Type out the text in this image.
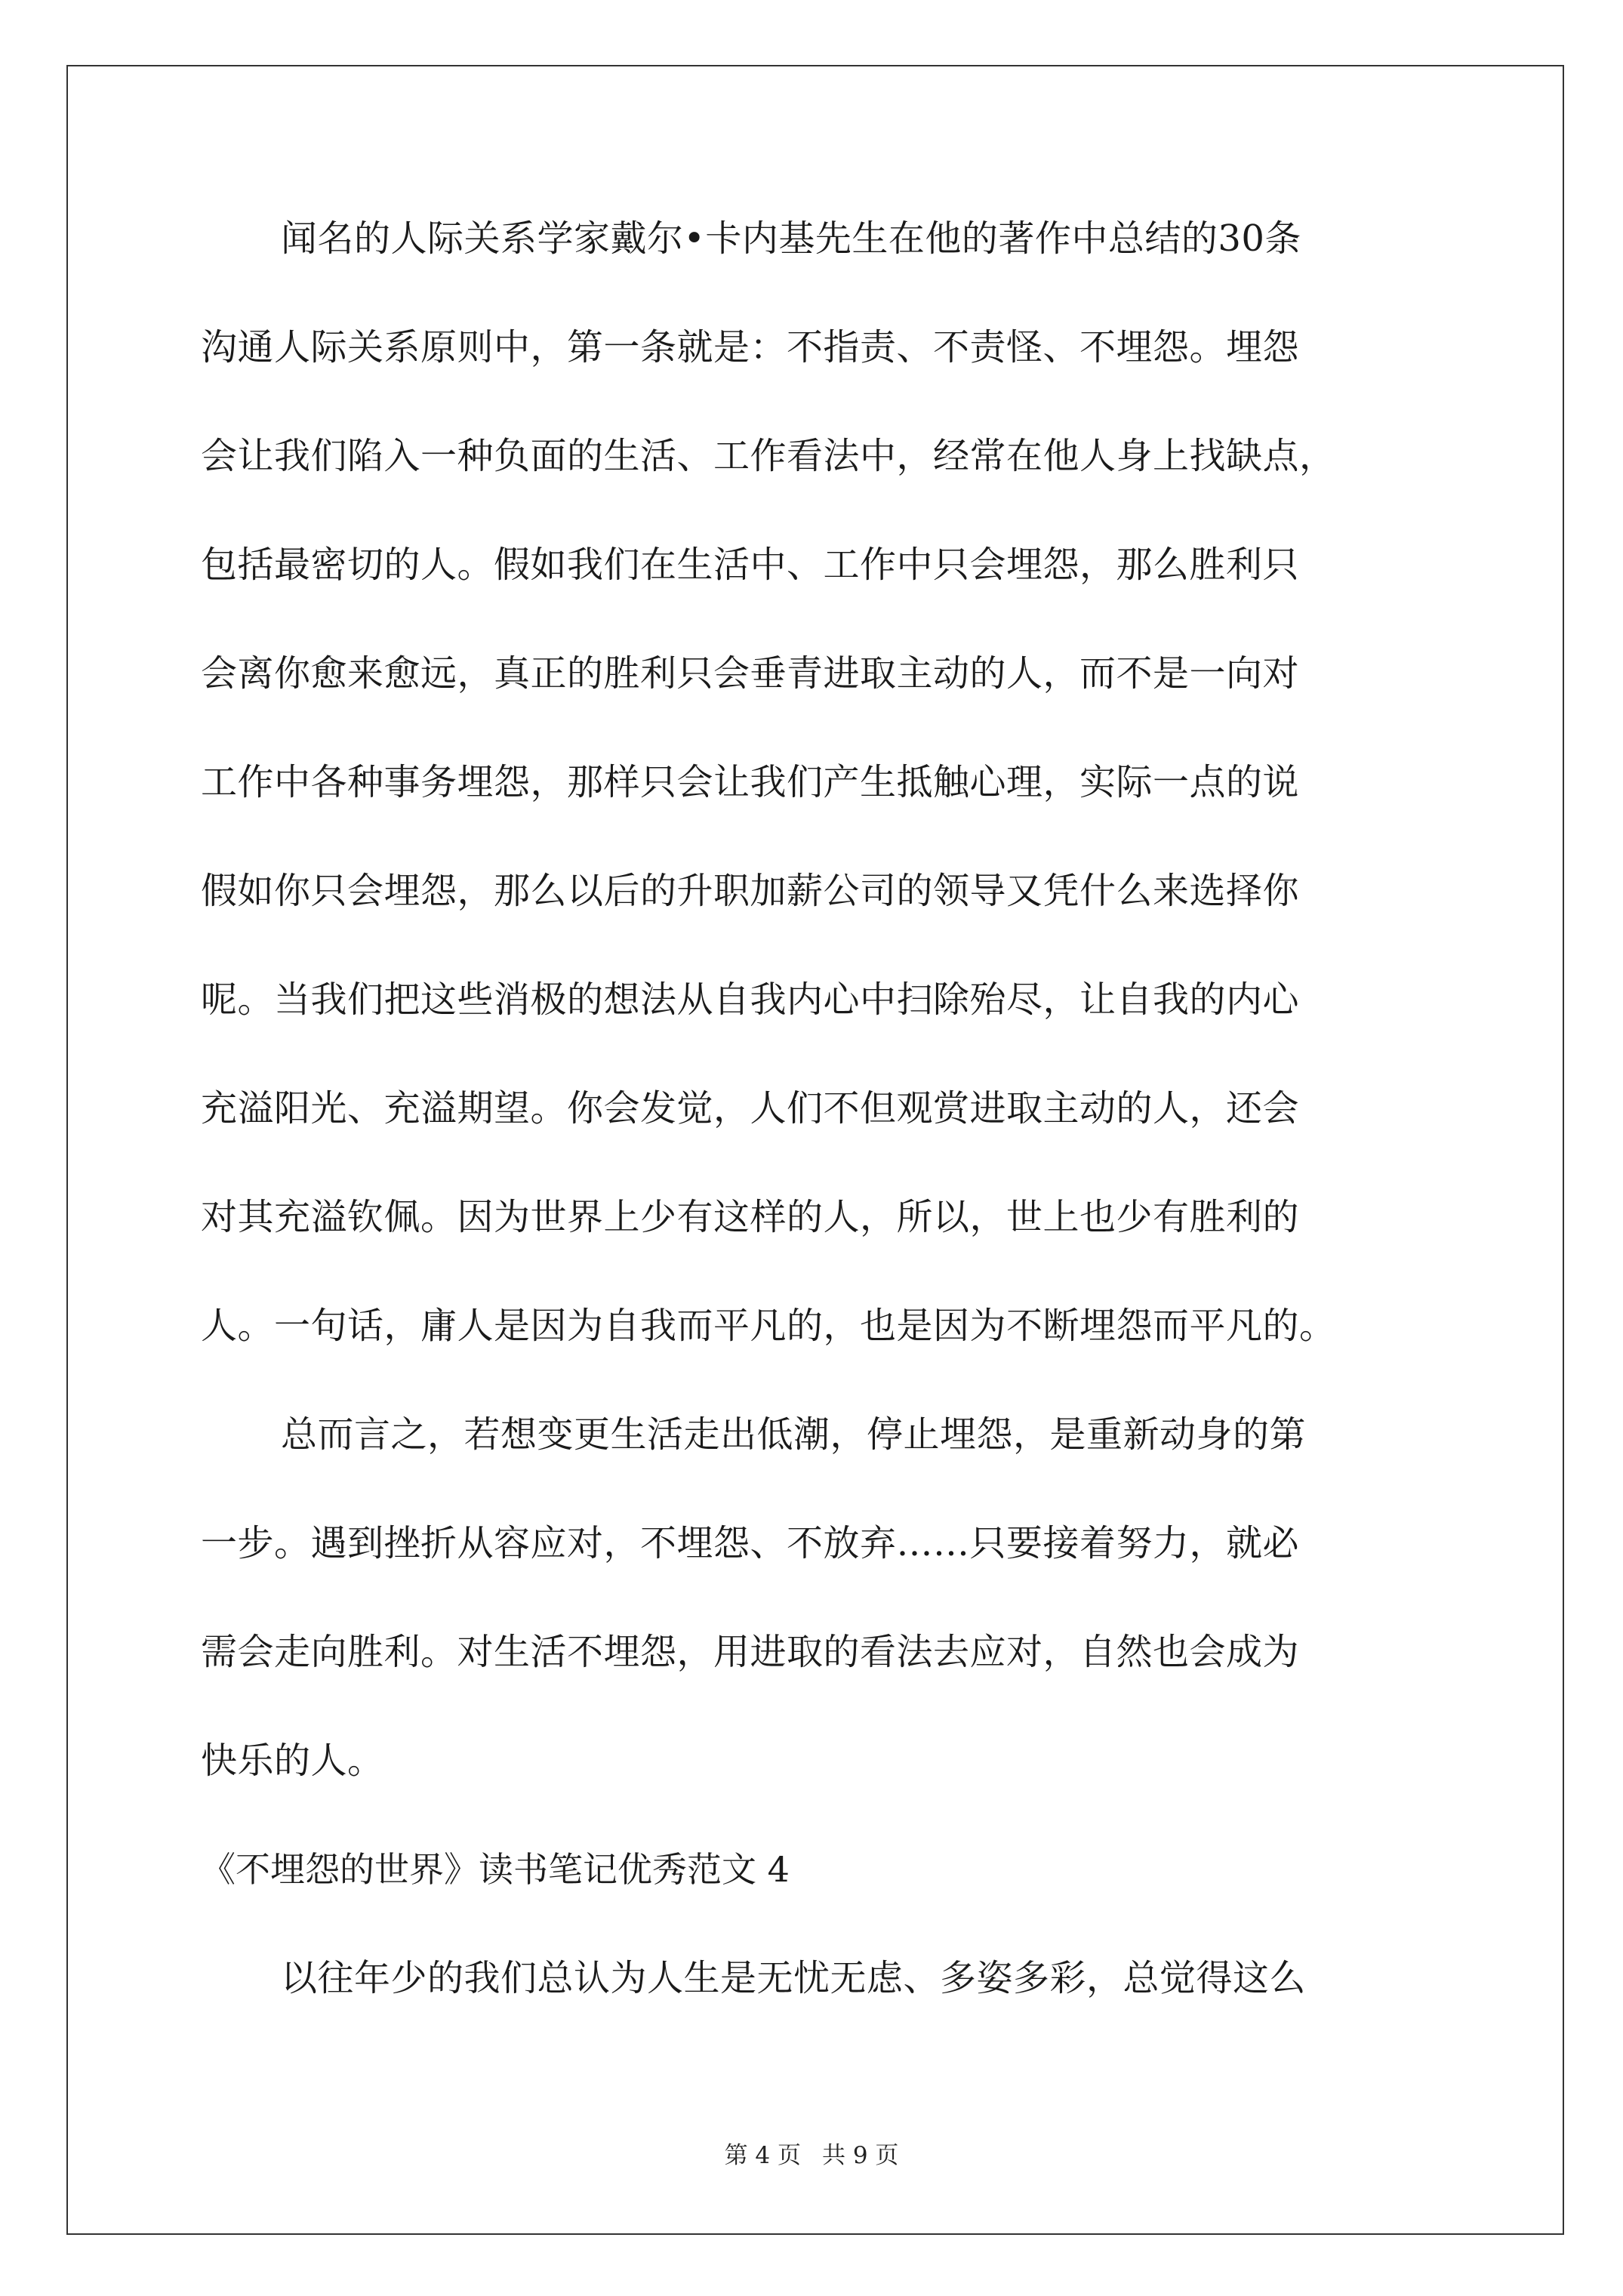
闻名的人际关系学家戴尔•卡内基先生在他的著作中总结的30条
沟通人际关系原则中，第一条就是：不指责、不责怪、不埋怨。埋怨
会让我们陷入一种负面的生活、工作看法中，经常在他人身上找缺点，
包括最密切的人。假如我们在生活中、工作中只会埋怨，那么胜利只
会离你愈来愈远，真正的胜利只会垂青进取主动的人，而不是一向对
工作中各种事务埋怨，那样只会让我们产生抵触心理，实际一点的说
假如你只会埋怨，那么以后的升职加薪公司的领导又凭什么来选择你
呢。当我们把这些消极的想法从自我内心中扫除殆尽，让自我的内心
充溢阳光、充溢期望。你会发觉，人们不但观赏进取主动的人，还会
对其充溢钦佩。因为世界上少有这样的人，所以，世上也少有胜利的
人。一句话，庸人是因为自我而平凡的，也是因为不断埋怨而平凡的。
总而言之，若想变更生活走出低潮，停止埋怨，是重新动身的第
一步。遇到挫折从容应对，不埋怨、不放弃……只要接着努力，就必
需会走向胜利。对生活不埋怨，用进取的看法去应对，自然也会成为
快乐的人。
《不埋怨的世界》读书笔记优秀范文 4
以往年少的我们总认为人生是无忧无虑、多姿多彩，总觉得这么
第 4 页 共 9 页
